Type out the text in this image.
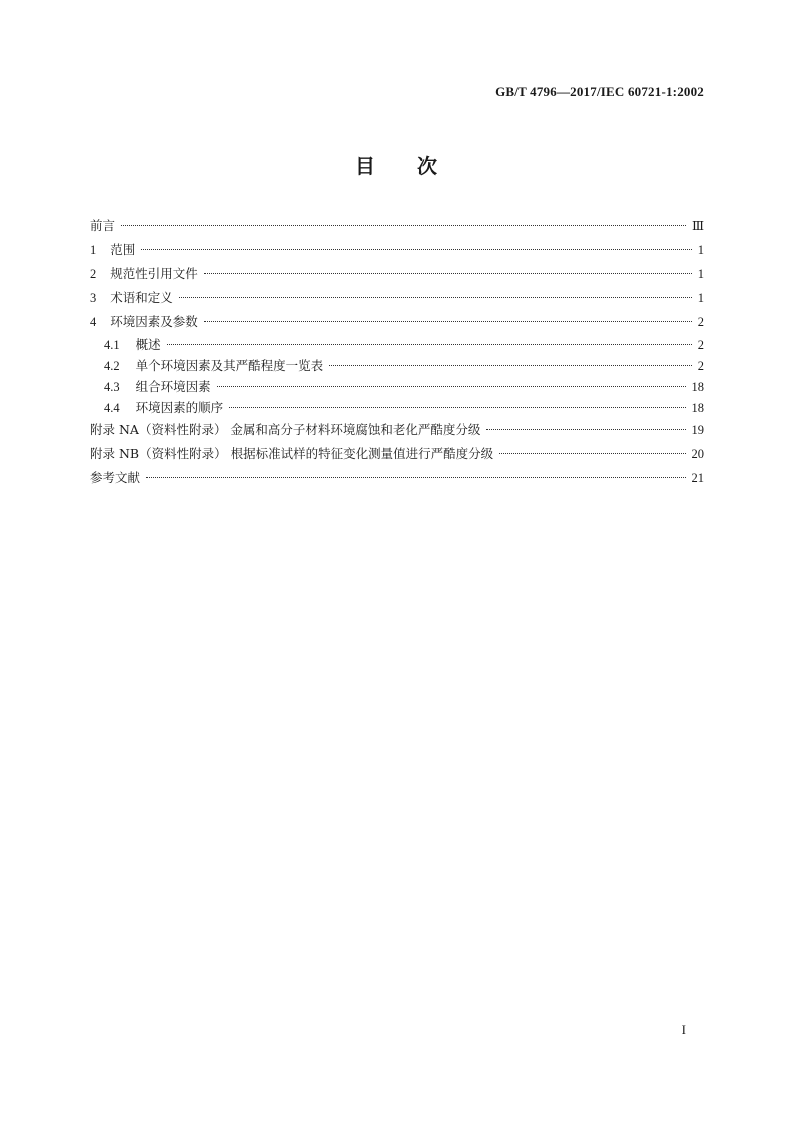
GB/T 4796—2017/IEC 60721-1:2002
目 次
前言	Ⅲ
1 范围	1
2 规范性引用文件	1
3 术语和定义	1
4 环境因素及参数	2
4.1 概述	2
4.2 单个环境因素及其严酷程度一览表	2
4.3 组合环境因素	18
4.4 环境因素的顺序	18
附录 NA（资料性附录） 金属和高分子材料环境腐蚀和老化严酷度分级	19
附录 NB（资料性附录） 根据标准试样的特征变化测量值进行严酷度分级	20
参考文献	21
I
